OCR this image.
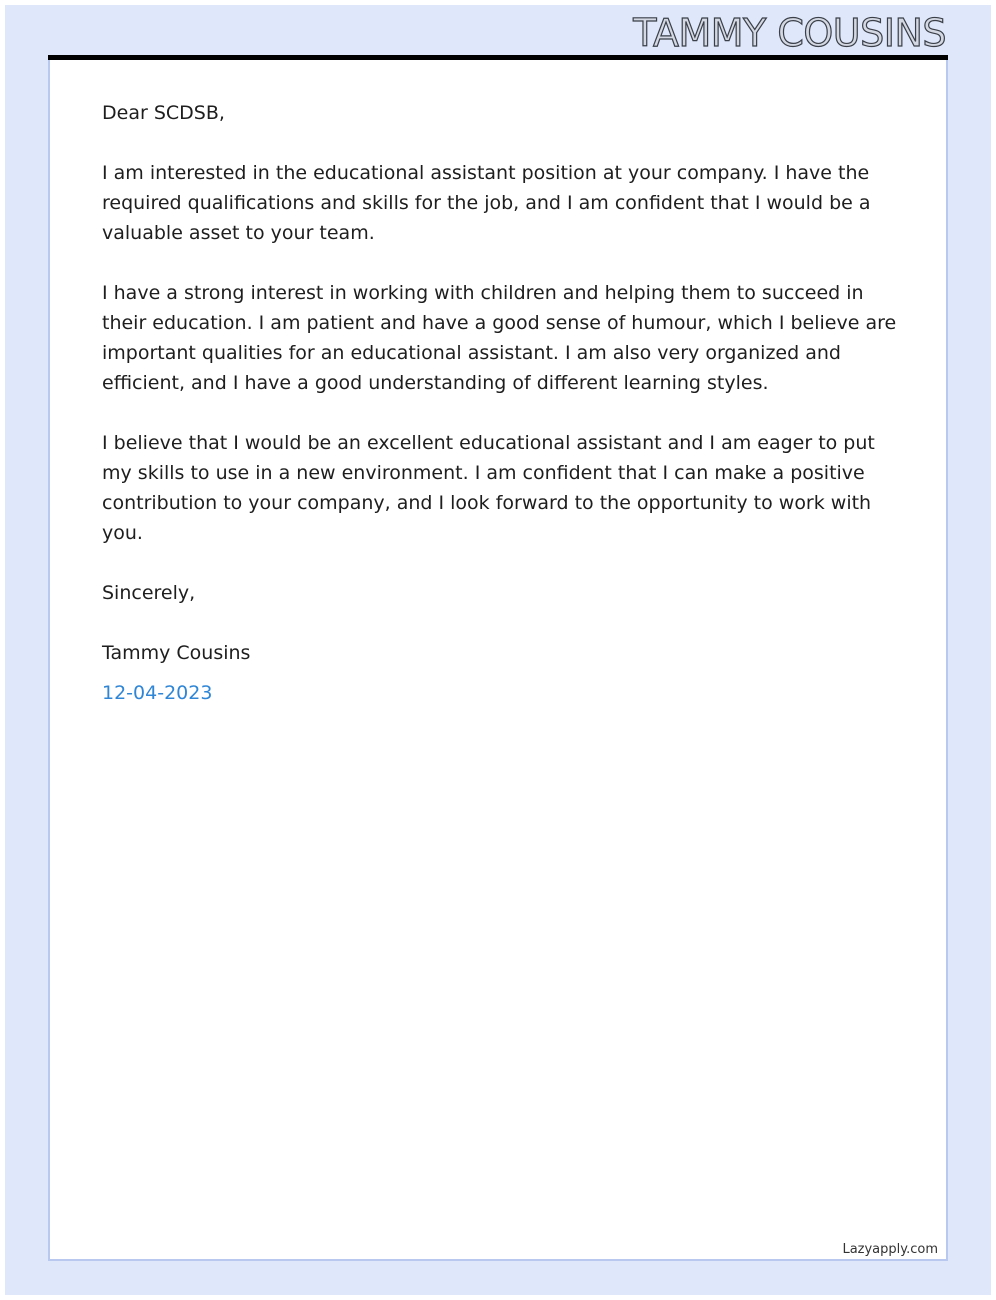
TAMMY COUSINS

Dear SCDSB,

I am interested in the educational assistant position at your company. I have the required qualifications and skills for the job, and I am confident that I would be a valuable asset to your team.

I have a strong interest in working with children and helping them to succeed in their education. I am patient and have a good sense of humour, which I believe are important qualities for an educational assistant. I am also very organized and efficient, and I have a good understanding of different learning styles.

I believe that I would be an excellent educational assistant and I am eager to put my skills to use in a new environment. I am confident that I can make a positive contribution to your company, and I look forward to the opportunity to work with you.

Sincerely,

Tammy Cousins

12-04-2023

Lazyapply.com
